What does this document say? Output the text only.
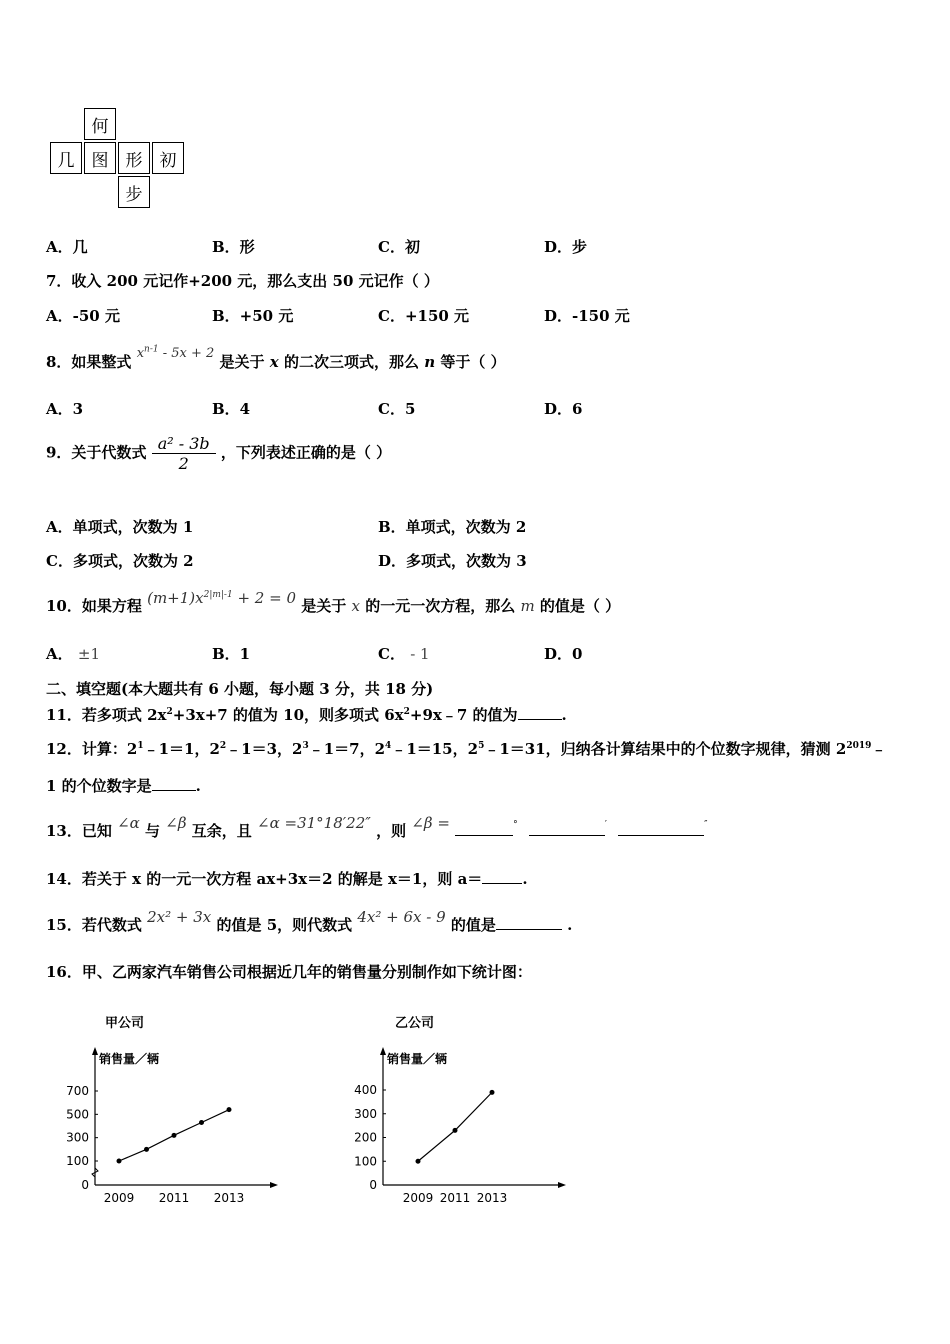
何
几	图	形	初
步
A．几	B．形	C．初	D．步
7．收入 200 元记作+200 元，那么支出 50 元记作（ ）
A．-50 元	B．+50 元	C．+150 元	D．-150 元
8．如果整式 $x^{n-1} - 5x + 2$ 是关于 x 的二次三项式，那么 n 等于（ ）
A．3	B．4	C．5	D．6
9．关于代数式 $\frac{\text{a² - 3b}}{2}$ ，下列表述正确的是（ ）
A．单项式，次数为 1	B．单项式，次数为 2
C．多项式，次数为 2	D．多项式，次数为 3
10．如果方程 $(m+1)x^{2|m|-1} + 2 = 0$ 是关于 x 的一元一次方程，那么 m 的值是（ ）
A． ±1	B．1	C． - 1	D．0
二、填空题(本大题共有 6 小题，每小题 3 分，共 18 分)
11．若多项式 $2x^2+3x+7$ 的值为 10，则多项式 $6x^2+9x﹣7$ 的值为	.
12．计算：$2^1﹣1=1$，$2^2﹣1=3$，$2^3﹣1=7$，$2^4﹣1=15$，$2^5﹣1=31$，归纳各计算结果中的个位数字规律，猜测 $2^{2019}﹣$
1 的个位数字是	.
13．已知 ∠α 与 ∠β 互余，且 ∠α =31°18′22″ ，则 ∠β =	°	′	″
14．若关于 x 的一元一次方程 ax+3x＝2 的解是 x＝1，则 a＝	.
15．若代数式 2x² + 3x 的值是 5，则代数式 4x² + 6x - 9 的值是	.
16．甲、乙两家汽车销售公司根据近几年的销售量分别制作如下统计图：
甲公司
销售量／辆
0
100
300
500
700
2009 2011 2013
乙公司
销售量／辆
0
100
200
300
400
2009 2011 2013
